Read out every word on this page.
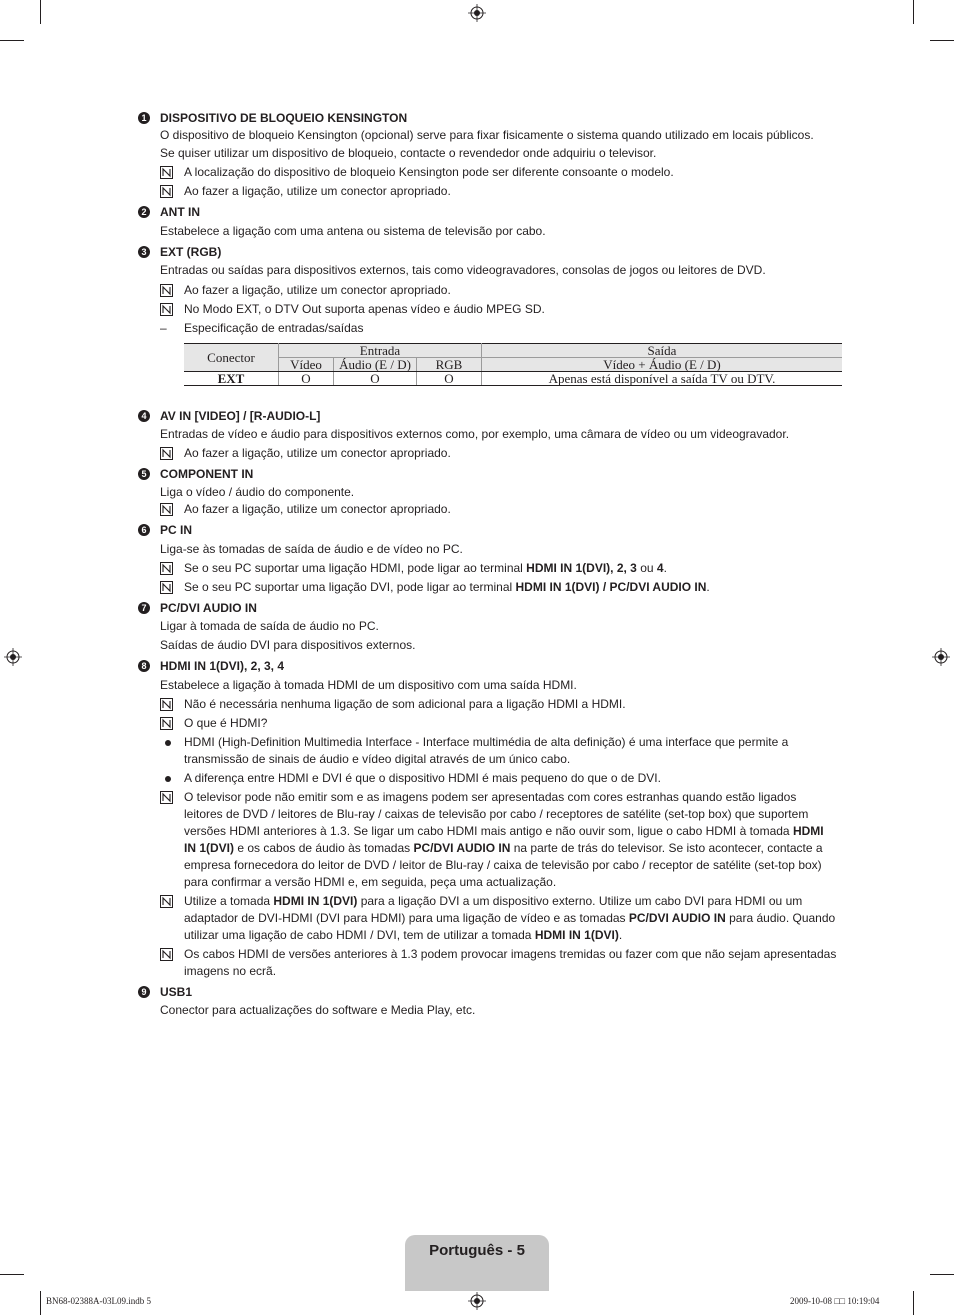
1 DISPOSITIVO DE BLOQUEIO KENSINGTON
O dispositivo de bloqueio Kensington (opcional) serve para fixar fisicamente o sistema quando utilizado em locais públicos.
Se quiser utilizar um dispositivo de bloqueio, contacte o revendedor onde adquiriu o televisor.
A localização do dispositivo de bloqueio Kensington pode ser diferente consoante o modelo.
Ao fazer a ligação, utilize um conector apropriado.
2 ANT IN
Estabelece a ligação com uma antena ou sistema de televisão por cabo.
3 EXT (RGB)
Entradas ou saídas para dispositivos externos, tais como videogravadores, consolas de jogos ou leitores de DVD.
Ao fazer a ligação, utilize um conector apropriado.
No Modo EXT, o DTV Out suporta apenas vídeo e áudio MPEG SD.
– Especificação de entradas/saídas
Conector	Entrada			Saída
	Vídeo	Áudio (E / D)	RGB	Vídeo + Áudio (E / D)
EXT	O	O	O	Apenas está disponível a saída TV ou DTV.
4 AV IN [VIDEO] / [R-AUDIO-L]
Entradas de vídeo e áudio para dispositivos externos como, por exemplo, uma câmara de vídeo ou um videogravador.
Ao fazer a ligação, utilize um conector apropriado.
5 COMPONENT IN
Liga o vídeo / áudio do componente.
Ao fazer a ligação, utilize um conector apropriado.
6 PC IN
Liga-se às tomadas de saída de áudio e de vídeo no PC.
Se o seu PC suportar uma ligação HDMI, pode ligar ao terminal HDMI IN 1(DVI), 2, 3 ou 4.
Se o seu PC suportar uma ligação DVI, pode ligar ao terminal HDMI IN 1(DVI) / PC/DVI AUDIO IN.
7 PC/DVI AUDIO IN
Ligar à tomada de saída de áudio no PC.
Saídas de áudio DVI para dispositivos externos.
8 HDMI IN 1(DVI), 2, 3, 4
Estabelece a ligação à tomada HDMI de um dispositivo com uma saída HDMI.
Não é necessária nenhuma ligação de som adicional para a ligação HDMI a HDMI.
O que é HDMI?
HDMI (High-Definition Multimedia Interface - Interface multimédia de alta definição) é uma interface que permite a transmissão de sinais de áudio e vídeo digital através de um único cabo.
A diferença entre HDMI e DVI é que o dispositivo HDMI é mais pequeno do que o de DVI.
O televisor pode não emitir som e as imagens podem ser apresentadas com cores estranhas quando estão ligados leitores de DVD / leitores de Blu-ray / caixas de televisão por cabo / receptores de satélite (set-top box) que suportem versões HDMI anteriores à 1.3. Se ligar um cabo HDMI mais antigo e não ouvir som, ligue o cabo HDMI à tomada HDMI IN 1(DVI) e os cabos de áudio às tomadas PC/DVI AUDIO IN na parte de trás do televisor. Se isto acontecer, contacte a empresa fornecedora do leitor de DVD / leitor de Blu-ray / caixa de televisão por cabo / receptor de satélite (set-top box) para confirmar a versão HDMI e, em seguida, peça uma actualização.
Utilize a tomada HDMI IN 1(DVI) para a ligação DVI a um dispositivo externo. Utilize um cabo DVI para HDMI ou um adaptador de DVI-HDMI (DVI para HDMI) para uma ligação de vídeo e as tomadas PC/DVI AUDIO IN para áudio. Quando utilizar uma ligação de cabo HDMI / DVI, tem de utilizar a tomada HDMI IN 1(DVI).
Os cabos HDMI de versões anteriores à 1.3 podem provocar imagens tremidas ou fazer com que não sejam apresentadas imagens no ecrã.
9 USB1
Conector para actualizações do software e Media Play, etc.
Português - 5
BN68-02388A-03L09.indb 5	2009-10-08 □□ 10:19:04
